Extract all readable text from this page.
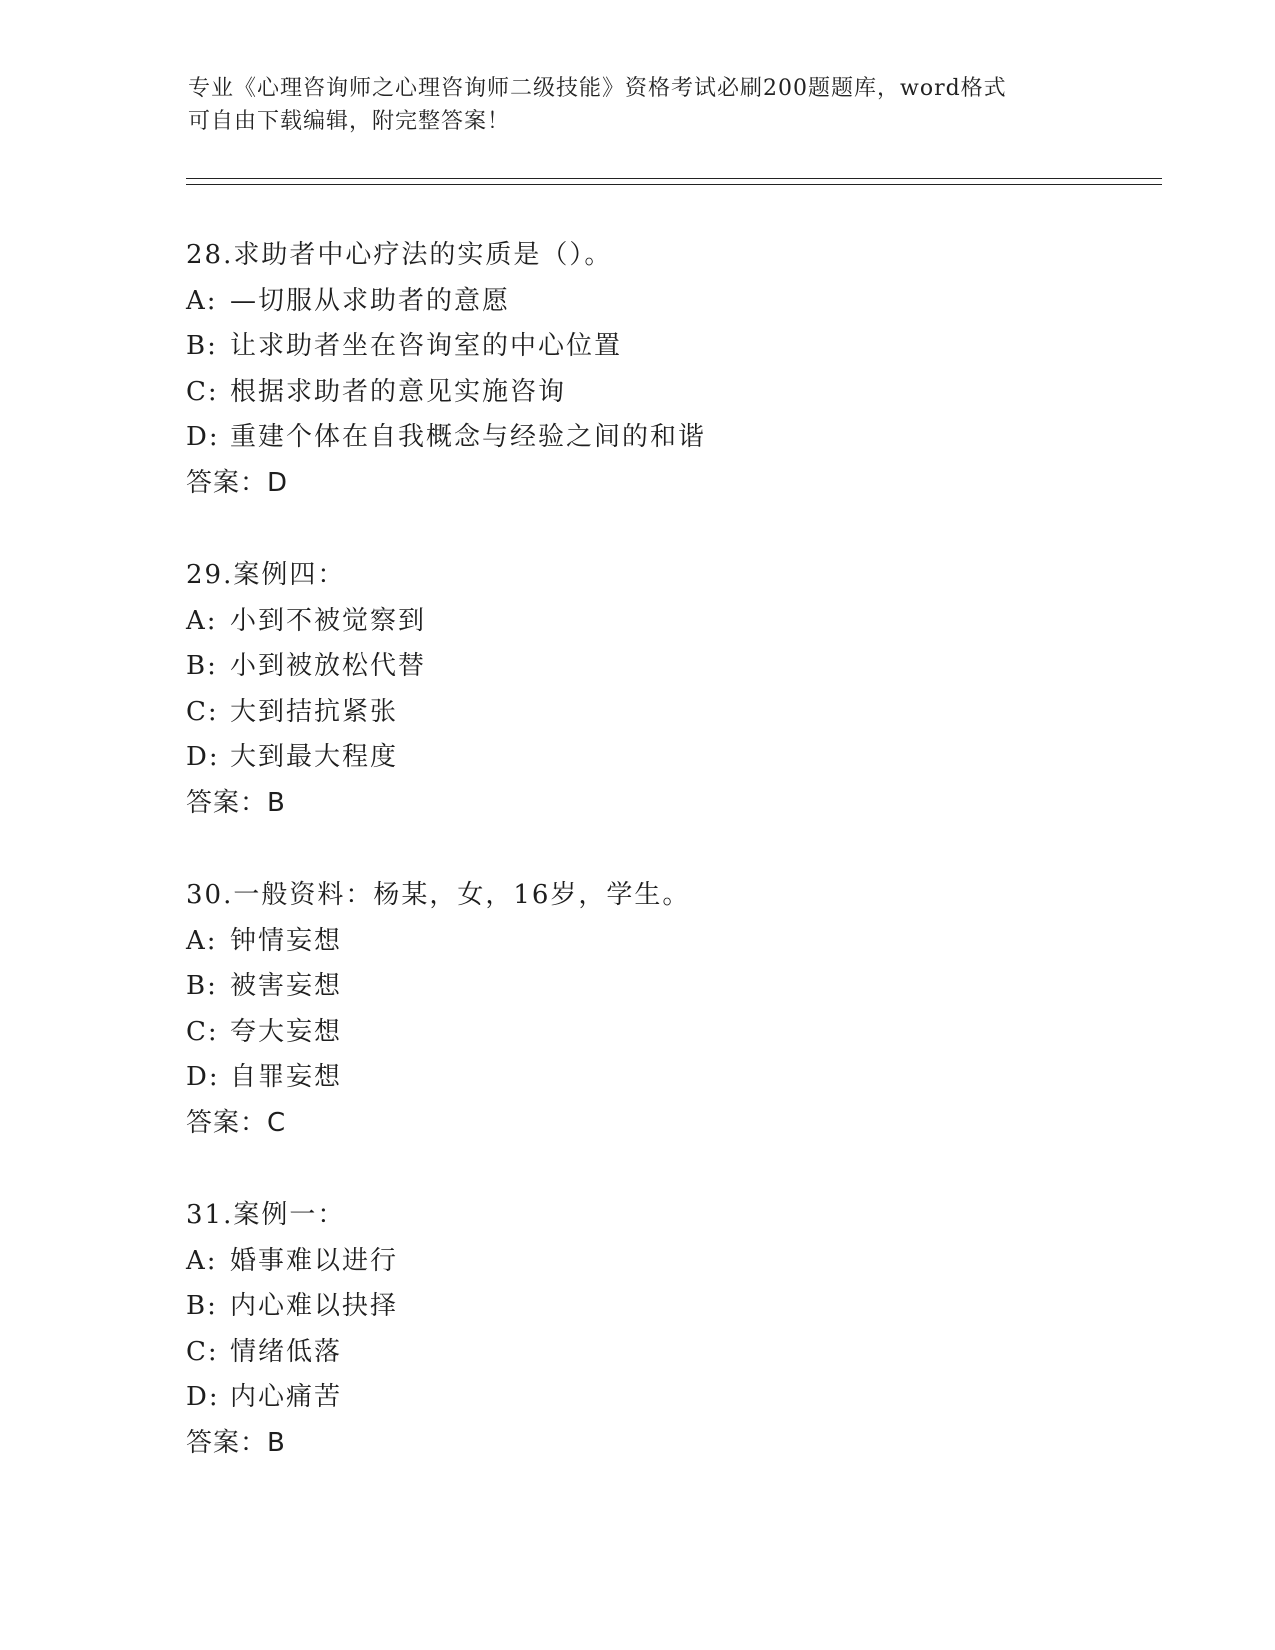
专业《心理咨询师之心理咨询师二级技能》资格考试必刷200题题库，word格式
可自由下载编辑，附完整答案！
28.求助者中心疗法的实质是（）。
A: —切服从求助者的意愿
B: 让求助者坐在咨询室的中心位置
C: 根据求助者的意见实施咨询
D: 重建个体在自我概念与经验之间的和谐
答案：D
29.案例四：
A: 小到不被觉察到
B: 小到被放松代替
C: 大到拮抗紧张
D: 大到最大程度
答案：B
30.一般资料：杨某，女，16岁，学生。
A: 钟情妄想
B: 被害妄想
C: 夸大妄想
D: 自罪妄想
答案：C
31.案例一：
A: 婚事难以进行
B: 内心难以抉择
C: 情绪低落
D: 内心痛苦
答案：B
